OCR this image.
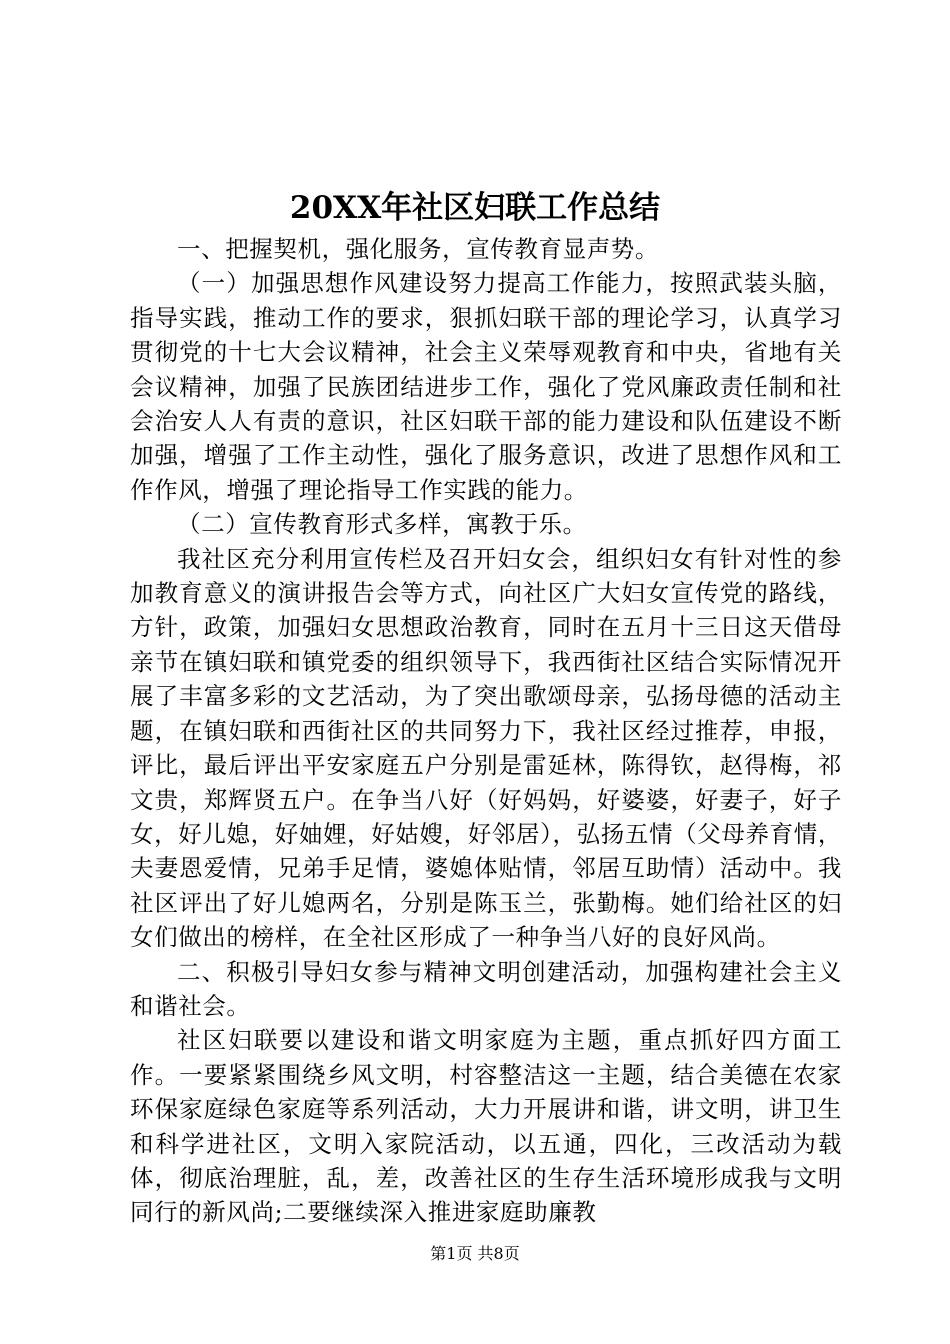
20XX年社区妇联工作总结

一、把握契机，强化服务，宣传教育显声势。

（一）加强思想作风建设努力提高工作能力，按照武装头脑，指导实践，推动工作的要求，狠抓妇联干部的理论学习，认真学习贯彻党的十七大会议精神，社会主义荣辱观教育和中央，省地有关会议精神，加强了民族团结进步工作，强化了党风廉政责任制和社会治安人人有责的意识，社区妇联干部的能力建设和队伍建设不断加强，增强了工作主动性，强化了服务意识，改进了思想作风和工作作风，增强了理论指导工作实践的能力。

（二）宣传教育形式多样，寓教于乐。

我社区充分利用宣传栏及召开妇女会，组织妇女有针对性的参加教育意义的演讲报告会等方式，向社区广大妇女宣传党的路线，方针，政策，加强妇女思想政治教育，同时在五月十三日这天借母亲节在镇妇联和镇党委的组织领导下，我西街社区结合实际情况开展了丰富多彩的文艺活动，为了突出歌颂母亲，弘扬母德的活动主题，在镇妇联和西街社区的共同努力下，我社区经过推荐，申报，评比，最后评出平安家庭五户分别是雷延林，陈得钦，赵得梅，祁文贵，郑辉贤五户。在争当八好（好妈妈，好婆婆，好妻子，好子女，好儿媳，好妯娌，好姑嫂，好邻居），弘扬五情（父母养育情，夫妻恩爱情，兄弟手足情，婆媳体贴情，邻居互助情）活动中。我社区评出了好儿媳两名，分别是陈玉兰，张勤梅。她们给社区的妇女们做出的榜样，在全社区形成了一种争当八好的良好风尚。

二、积极引导妇女参与精神文明创建活动，加强构建社会主义和谐社会。

社区妇联要以建设和谐文明家庭为主题，重点抓好四方面工作。一要紧紧围绕乡风文明，村容整洁这一主题，结合美德在农家环保家庭绿色家庭等系列活动，大力开展讲和谐，讲文明，讲卫生和科学进社区，文明入家院活动，以五通，四化，三改活动为载体，彻底治理脏，乱，差，改善社区的生存生活环境形成我与文明同行的新风尚;二要继续深入推进家庭助廉教

第1页 共8页
